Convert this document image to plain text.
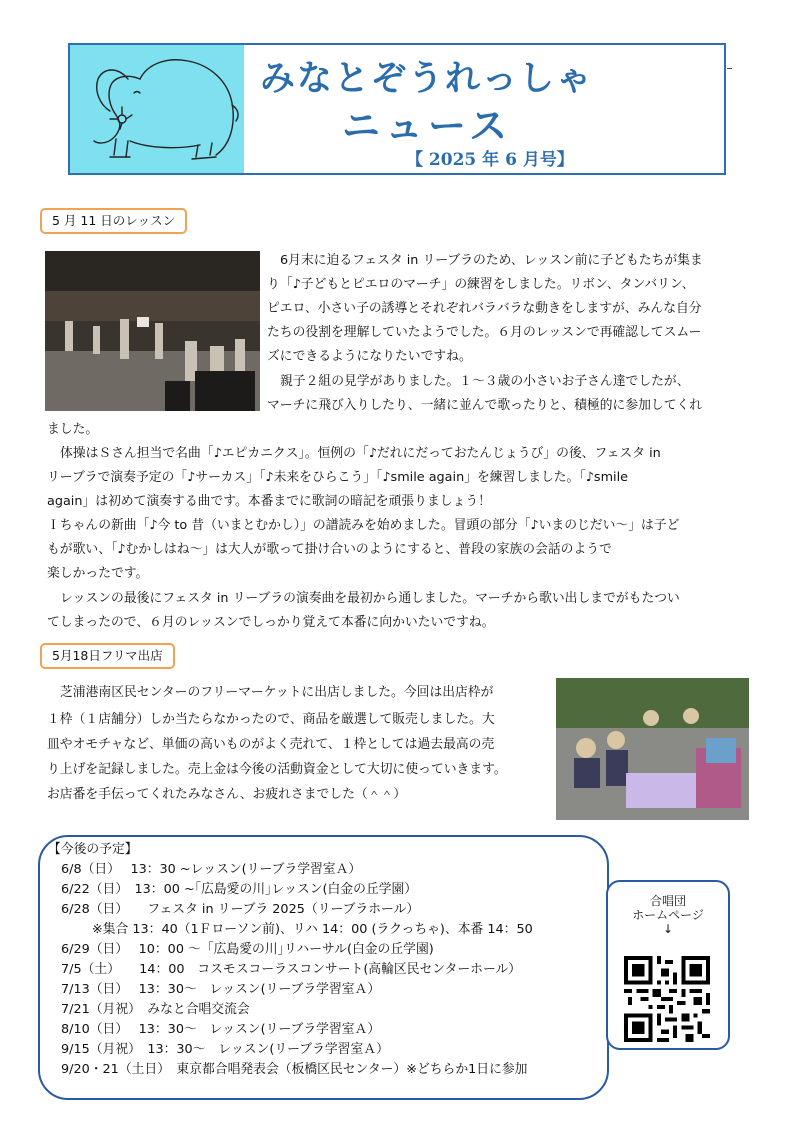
みなとぞうれっしゃ
ニュース
【 2025 年 6 月号】
5 月 11 日のレッスン
6月末に迫るフェスタ in リーブラのため、レッスン前に子どもたちが集ま
り「♪子どもとピエロのマーチ」の練習をしました。リボン、タンバリン、
ピエロ、小さい子の誘導とそれぞれバラバラな動きをしますが、みんな自分
たちの役割を理解していたようでした。６月のレッスンで再確認してスムー
ズにできるようになりたいですね。
親子２組の見学がありました。１～３歳の小さいお子さん達でしたが、
マーチに飛び入りしたり、一緒に並んで歌ったりと、積極的に参加してくれ
ました。
体操はＳさん担当で名曲「♪エピカニクス」。恒例の「♪だれにだっておたんじょうび」の後、フェスタ in
リーブラで演奏予定の「♪サーカス」「♪未来をひらこう」「♪smile again」を練習しました。「♪smile
again」は初めて演奏する曲です。本番までに歌詞の暗記を頑張りましょう！
Ｉちゃんの新曲「♪今 to 昔（いまとむかし）」の譜読みを始めました。冒頭の部分「♪いまのじだい～」は子ど
もが歌い、「♪むかしはね～」は大人が歌って掛け合いのようにすると、普段の家族の会話のようで
楽しかったです。
レッスンの最後にフェスタ in リーブラの演奏曲を最初から通しました。マーチから歌い出しまでがもたつい
てしまったので、６月のレッスンでしっかり覚えて本番に向かいたいですね。
5月18日フリマ出店
芝浦港南区民センターのフリーマーケットに出店しました。今回は出店枠が
１枠（１店舗分）しか当たらなかったので、商品を厳選して販売しました。大
皿やオモチャなど、単価の高いものがよく売れて、１枠としては過去最高の売
り上げを記録しました。売上金は今後の活動資金として大切に使っていきます。
お店番を手伝ってくれたみなさん、お疲れさまでした（＾＾）
【今後の予定】
6/8（日）　 13：30 ~レッスン(リーブラ学習室Ａ）
6/22（日）　13：00 ~｢広島愛の川｣レッスン(白金の丘学園）
6/28（日）　　フェスタ in リーブラ 2025（リーブラホール）
※集合 13：40（1Ｆローソン前)、リハ 14：00 (ラクっちゃ)、本番 14：50
6/29（日）　 10：00 ～「広島愛の川｣リハーサル(白金の丘学園)
7/5（土）　　14：00　コスモスコーラスコンサート(高輪区民センターホール）
7/13（日）　 13：30～　レッスン(リーブラ学習室Ａ）
7/21（月祝）　みなと合唱交流会
8/10（日）　 13：30～　レッスン(リーブラ学習室Ａ）
9/15（月祝）　13：30～　レッスン(リーブラ学習室Ａ）
9/20・21（土日）　東京都合唱発表会（板橋区民センター）※どちらか1日に参加
合唱団
ホームページ
↓
